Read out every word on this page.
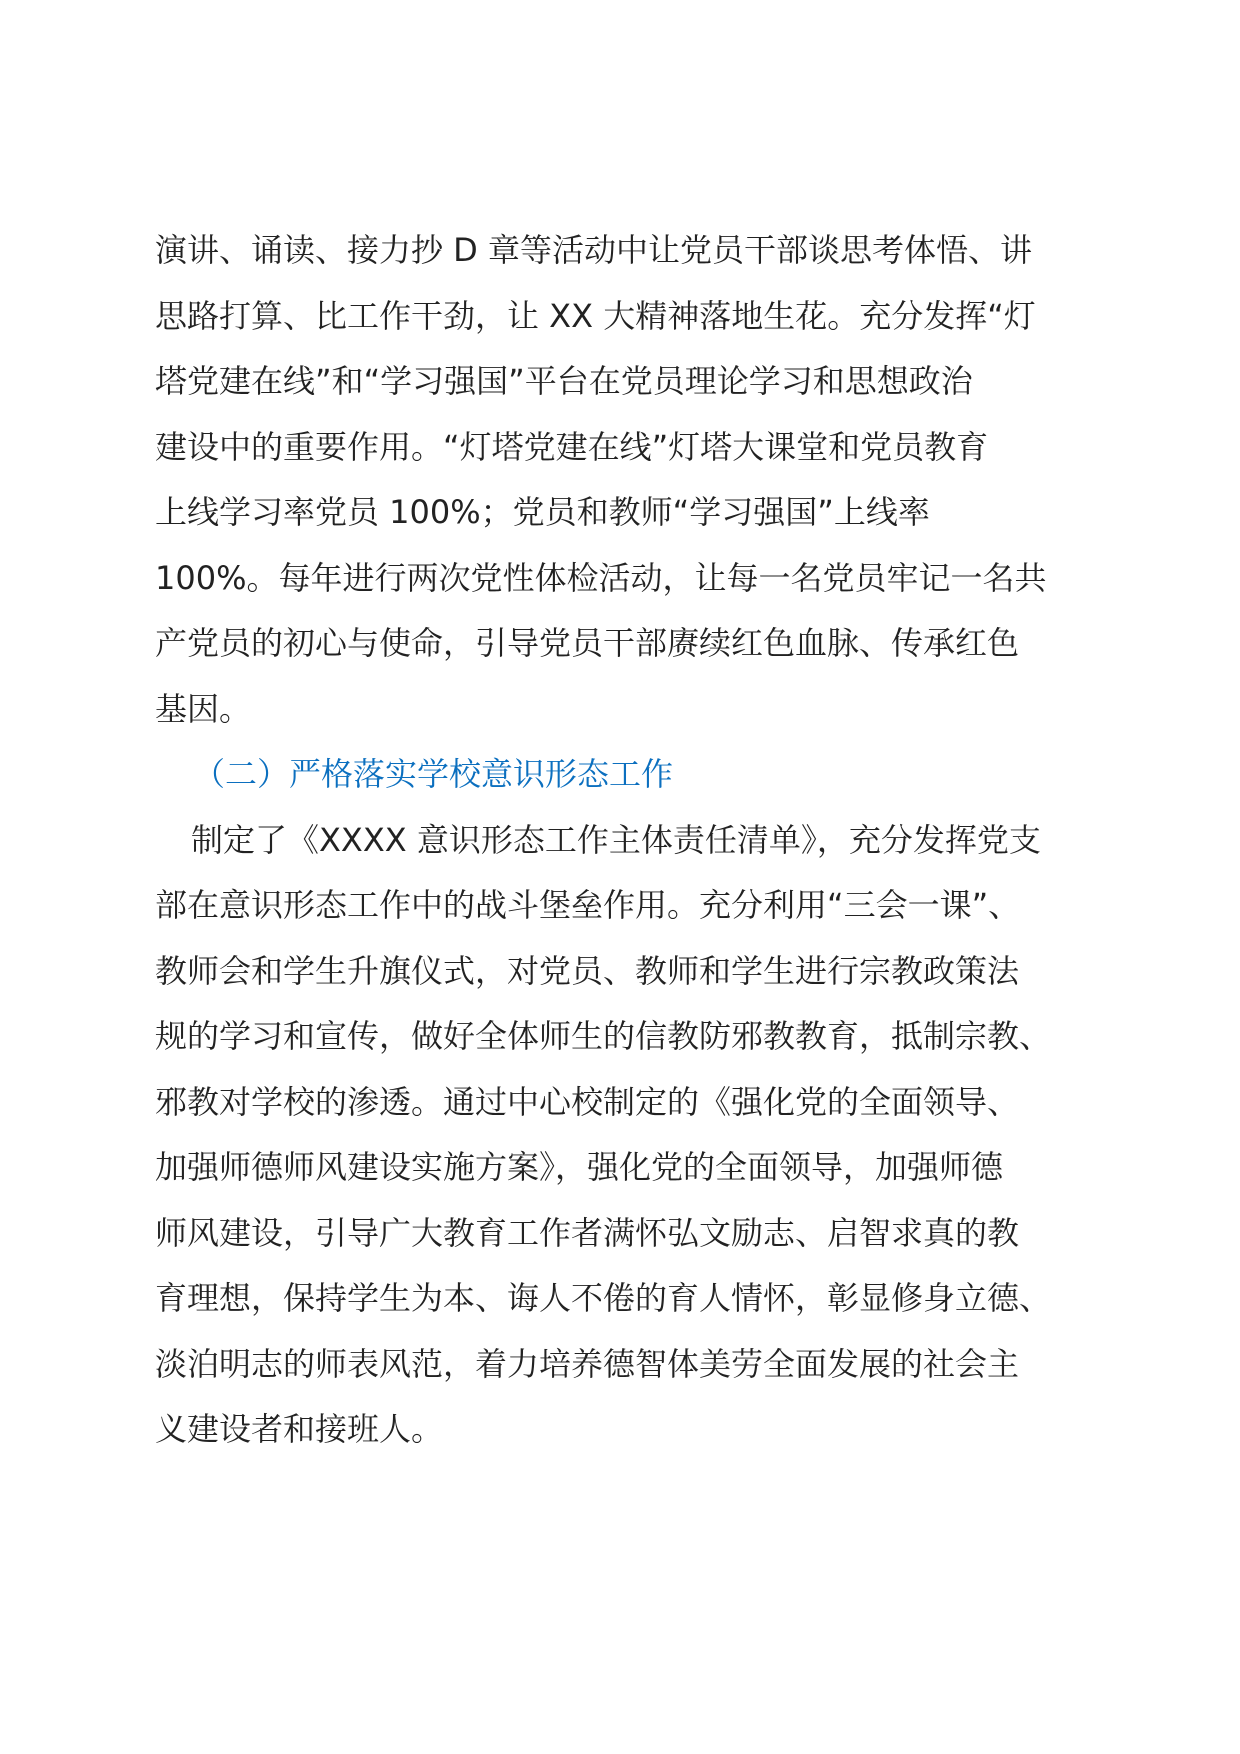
演讲、诵读、接力抄 D 章等活动中让党员干部谈思考体悟、讲
思路打算、比工作干劲，让 XX 大精神落地生花。充分发挥“灯
塔党建在线”和“学习强国”平台在党员理论学习和思想政治
建设中的重要作用。“灯塔党建在线”灯塔大课堂和党员教育
上线学习率党员 100%；党员和教师“学习强国”上线率
100%。每年进行两次党性体检活动，让每一名党员牢记一名共
产党员的初心与使命，引导党员干部赓续红色血脉、传承红色
基因。
（二）严格落实学校意识形态工作
制定了《XXXX 意识形态工作主体责任清单》，充分发挥党支
部在意识形态工作中的战斗堡垒作用。充分利用“三会一课”、
教师会和学生升旗仪式，对党员、教师和学生进行宗教政策法
规的学习和宣传，做好全体师生的信教防邪教教育，抵制宗教、
邪教对学校的渗透。通过中心校制定的《强化党的全面领导、
加强师德师风建设实施方案》，强化党的全面领导，加强师德
师风建设，引导广大教育工作者满怀弘文励志、启智求真的教
育理想，保持学生为本、诲人不倦的育人情怀，彰显修身立德、
淡泊明志的师表风范，着力培养德智体美劳全面发展的社会主
义建设者和接班人。
